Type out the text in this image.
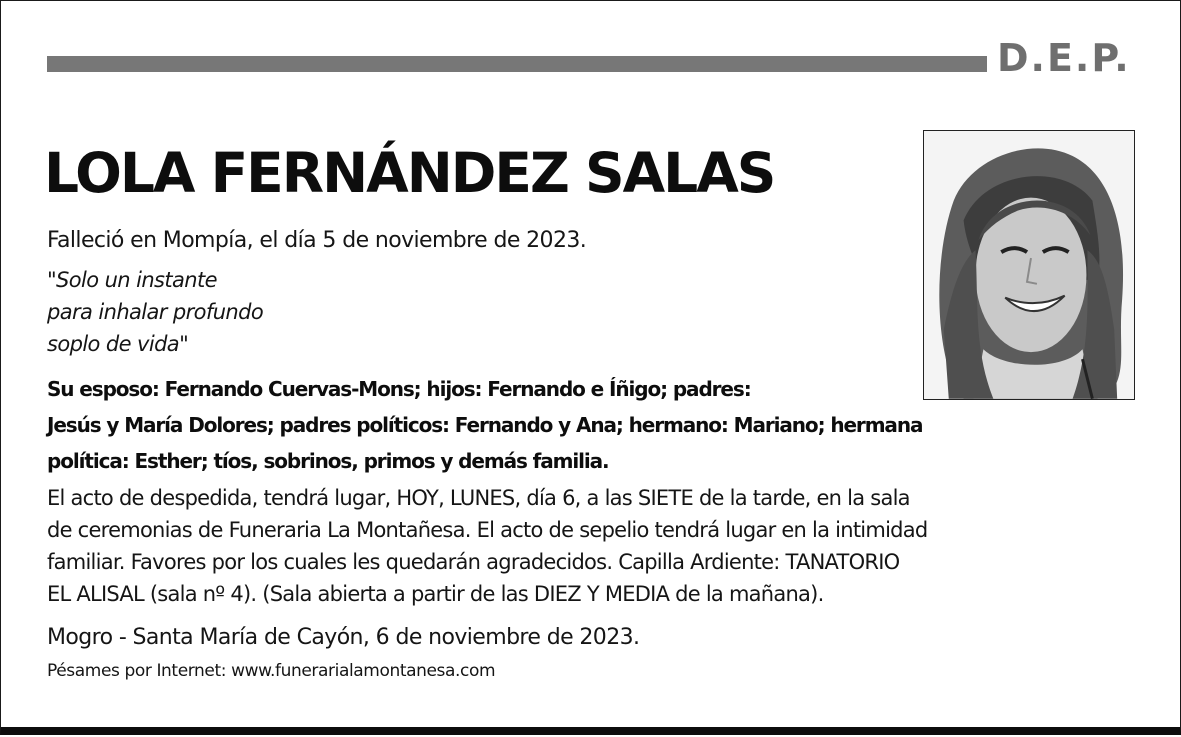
D.E.P.
LOLA FERNÁNDEZ SALAS
Falleció en Mompía, el día 5 de noviembre de 2023.
"Solo un instante
para inhalar profundo
soplo de vida"
Su esposo: Fernando Cuervas-Mons; hijos: Fernando e Íñigo; padres:
Jesús y María Dolores; padres políticos: Fernando y Ana; hermano: Mariano; hermana
política: Esther; tíos, sobrinos, primos y demás familia.
El acto de despedida, tendrá lugar, HOY, LUNES, día 6, a las SIETE de la tarde, en la sala
de ceremonias de Funeraria La Montañesa. El acto de sepelio tendrá lugar en la intimidad
familiar. Favores por los cuales les quedarán agradecidos. Capilla Ardiente: TANATORIO
EL ALISAL (sala nº 4). (Sala abierta a partir de las DIEZ Y MEDIA de la mañana).
Mogro - Santa María de Cayón, 6 de noviembre de 2023.
Pésames por Internet: www.funerarialamontanesa.com
